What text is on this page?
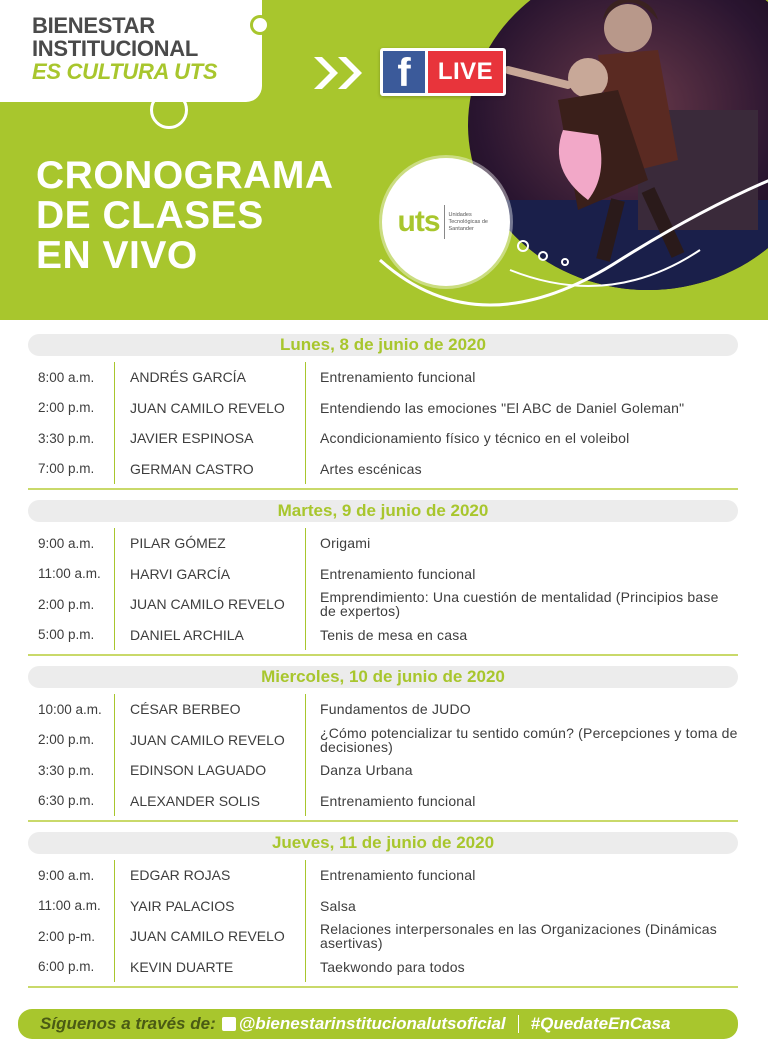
BIENESTAR
INSTITUCIONAL
ES CULTURA UTS
CRONOGRAMA
DE CLASES
EN VIVO
f	LIVE
uts Unidades Tecnológicas de Santander
Lunes, 8 de junio de 2020
8:00 a.m.	ANDRÉS GARCÍA	Entrenamiento funcional
2:00 p.m.	JUAN CAMILO REVELO	Entendiendo las emociones "El ABC de Daniel Goleman"
3:30 p.m.	JAVIER ESPINOSA	Acondicionamiento físico y técnico en el voleibol
7:00 p.m.	GERMAN CASTRO	Artes escénicas
Martes, 9 de junio de 2020
9:00 a.m.	PILAR GÓMEZ	Origami
11:00 a.m.	HARVI GARCÍA	Entrenamiento funcional
2:00 p.m.	JUAN CAMILO REVELO	Emprendimiento: Una cuestión de mentalidad (Principios base de expertos)
5:00 p.m.	DANIEL ARCHILA	Tenis de mesa en casa
Miercoles, 10 de junio de 2020
10:00 a.m.	CÉSAR BERBEO	Fundamentos de JUDO
2:00 p.m.	JUAN CAMILO REVELO	¿Cómo potencializar tu sentido común? (Percepciones y toma de decisiones)
3:30 p.m.	EDINSON LAGUADO	Danza Urbana
6:30 p.m.	ALEXANDER SOLIS	Entrenamiento funcional
Jueves, 11 de junio de 2020
9:00 a.m.	EDGAR ROJAS	Entrenamiento funcional
11:00 a.m.	YAIR PALACIOS	Salsa
2:00 p-m.	JUAN CAMILO REVELO	Relaciones interpersonales en las Organizaciones (Dinámicas asertivas)
6:00 p.m.	KEVIN DUARTE	Taekwondo para todos
Síguenos a través de: f @bienestarinstitucionalutsoficial #QuedateEnCasa
